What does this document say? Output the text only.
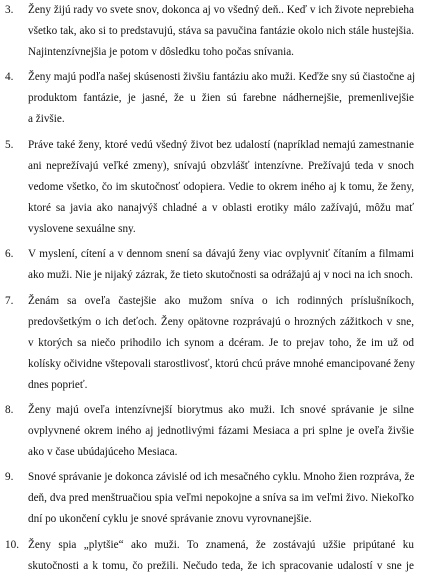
3.	Ženy žijú rady vo svete snov, dokonca aj vo všedný deň.. Keď v ich živote neprebieha
všetko tak, ako si to predstavujú, stáva sa pavučina fantázie okolo nich stále hustejšia.
Najintenzívnejšia je potom v dôsledku toho počas snívania.
4.	Ženy majú podľa našej skúsenosti živšiu fantáziu ako muži. Keďže sny sú čiastočne aj
produktom fantázie, je jasné, že u žien sú farebne nádhernejšie, premenlivejšie
a živšie.
5.	Práve také ženy, ktoré vedú všedný život bez udalostí (napríklad nemajú zamestnanie
ani neprežívajú veľké zmeny), snívajú obzvlášť intenzívne. Prežívajú teda v snoch
vedome všetko, čo im skutočnosť odopiera. Vedie to okrem iného aj k tomu, že ženy,
ktoré sa javia ako nanajvýš chladné a v oblasti erotiky málo zažívajú, môžu mať
vyslovene sexuálne sny.
6.	V myslení, cítení a v dennom snení sa dávajú ženy viac ovplyvniť čítaním a filmami
ako muži. Nie je nijaký zázrak, že tieto skutočnosti sa odrážajú aj v noci na ich snoch.
7.	Ženám sa oveľa častejšie ako mužom sníva o ich rodinných príslušníkoch,
predovšetkým o ich deťoch. Ženy opätovne rozprávajú o hrozných zážitkoch v sne,
v ktorých sa niečo prihodilo ich synom a dcéram. Je to prejav toho, že im už od
kolísky očividne vštepovali starostlivosť, ktorú chcú práve mnohé emancipované ženy
dnes poprieť.
8.	Ženy majú oveľa intenzívnejší biorytmus ako muži. Ich snové správanie je silne
ovplyvnené okrem iného aj jednotlivými fázami Mesiaca a pri splne je oveľa živšie
ako v čase ubúdajúceho Mesiaca.
9.	Snové správanie je dokonca závislé od ich mesačného cyklu. Mnoho žien rozpráva, že
deň, dva pred menštruačiou spia veľmi nepokojne a sníva sa im veľmi živo. Niekoľko
dní po ukončení cyklu je snové správanie znovu vyrovnanejšie.
10. Ženy spia „plytšie“ ako muži. To znamená, že zostávajú užšie pripútané ku
skutočnosti a k tomu, čo prežili. Nečudo teda, že ich spracovanie udalostí v sne je
